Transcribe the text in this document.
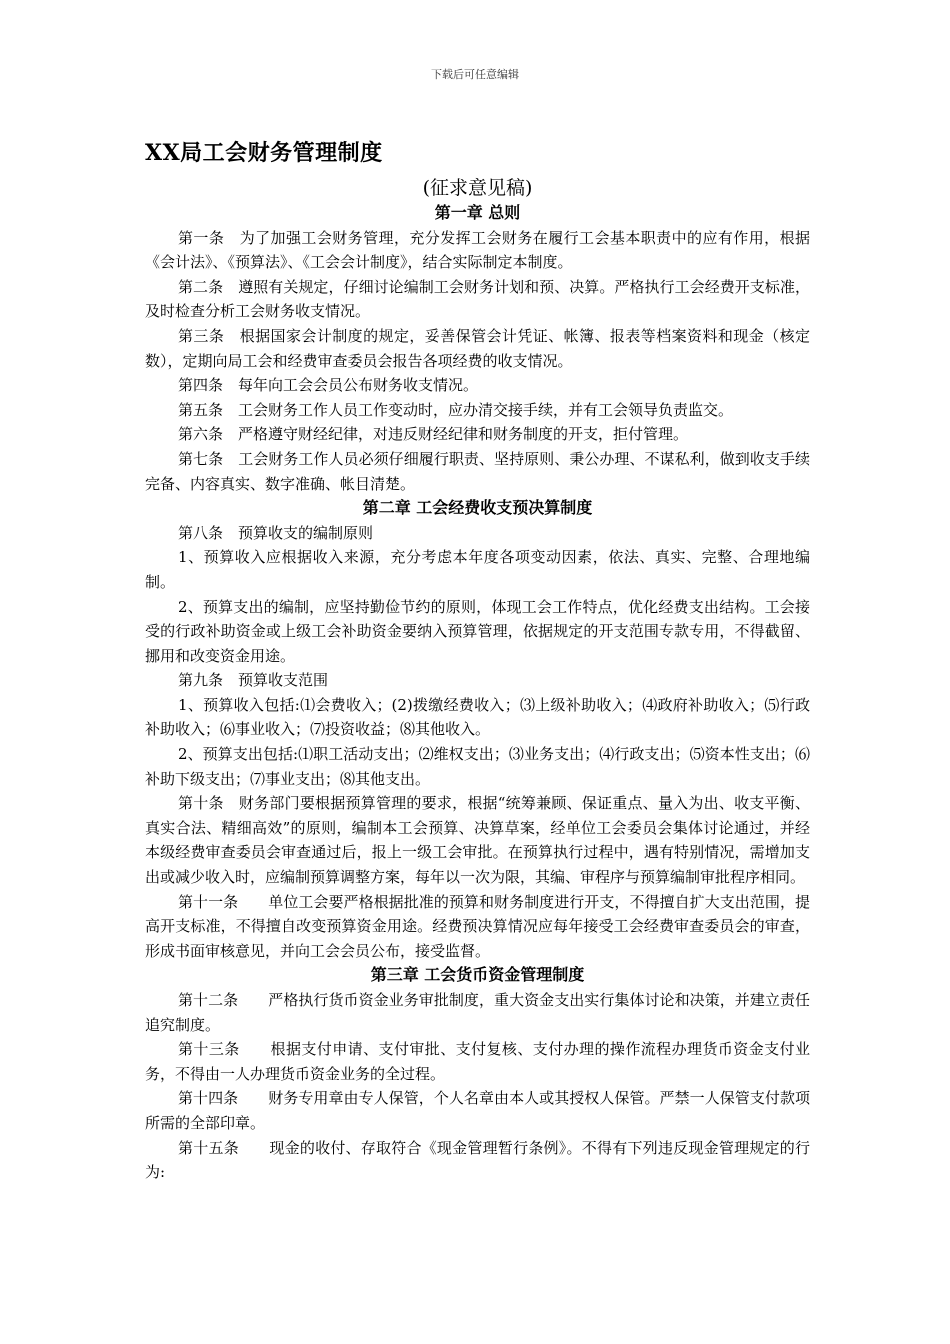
下载后可任意编辑
XX局工会财务管理制度
(征求意见稿)
第一章 总则

第一条　为了加强工会财务管理，充分发挥工会财务在履行工会基本职责中的应有作用，根据《会计法》、《预算法》、《工会会计制度》，结合实际制定本制度。

第二条　遵照有关规定，仔细讨论编制工会财务计划和预、决算。严格执行工会经费开支标准，及时检查分析工会财务收支情况。

第三条　根据国家会计制度的规定，妥善保管会计凭证、帐簿、报表等档案资料和现金（核定数），定期向局工会和经费审查委员会报告各项经费的收支情况。

第四条　每年向工会会员公布财务收支情况。

第五条　工会财务工作人员工作变动时，应办清交接手续，并有工会领导负责监交。

第六条　严格遵守财经纪律，对违反财经纪律和财务制度的开支，拒付管理。

第七条　工会财务工作人员必须仔细履行职责、坚持原则、秉公办理、不谋私利，做到收支手续完备、内容真实、数字准确、帐目清楚。

第二章 工会经费收支预决算制度

第八条　预算收支的编制原则

1、预算收入应根据收入来源，充分考虑本年度各项变动因素，依法、真实、完整、合理地编制。

2、预算支出的编制，应坚持勤俭节约的原则，体现工会工作特点，优化经费支出结构。工会接受的行政补助资金或上级工会补助资金要纳入预算管理，依据规定的开支范围专款专用，不得截留、挪用和改变资金用途。

第九条　预算收支范围

1、预算收入包括:⑴会费收入；(2)拨缴经费收入；⑶上级补助收入；⑷政府补助收入；⑸行政补助收入；⑹事业收入；⑺投资收益；⑻其他收入。

2、预算支出包括:⑴职工活动支出；⑵维权支出；⑶业务支出；⑷行政支出；⑸资本性支出；⑹补助下级支出；⑺事业支出；⑻其他支出。

第十条　财务部门要根据预算管理的要求，根据“统筹兼顾、保证重点、量入为出、收支平衡、真实合法、精细高效”的原则，编制本工会预算、决算草案，经单位工会委员会集体讨论通过，并经本级经费审查委员会审查通过后，报上一级工会审批。在预算执行过程中，遇有特别情况，需增加支出或减少收入时，应编制预算调整方案，每年以一次为限，其编、审程序与预算编制审批程序相同。

第十一条　　单位工会要严格根据批准的预算和财务制度进行开支，不得擅自扩大支出范围，提高开支标准，不得擅自改变预算资金用途。经费预决算情况应每年接受工会经费审查委员会的审查，形成书面审核意见，并向工会会员公布，接受监督。

第三章 工会货币资金管理制度

第十二条　　严格执行货币资金业务审批制度，重大资金支出实行集体讨论和决策，并建立责任追究制度。

第十三条　　根据支付申请、支付审批、支付复核、支付办理的操作流程办理货币资金支付业务，不得由一人办理货币资金业务的全过程。

第十四条　　财务专用章由专人保管，个人名章由本人或其授权人保管。严禁一人保管支付款项所需的全部印章。

第十五条　　现金的收付、存取符合《现金管理暂行条例》。不得有下列违反现金管理规定的行为:
